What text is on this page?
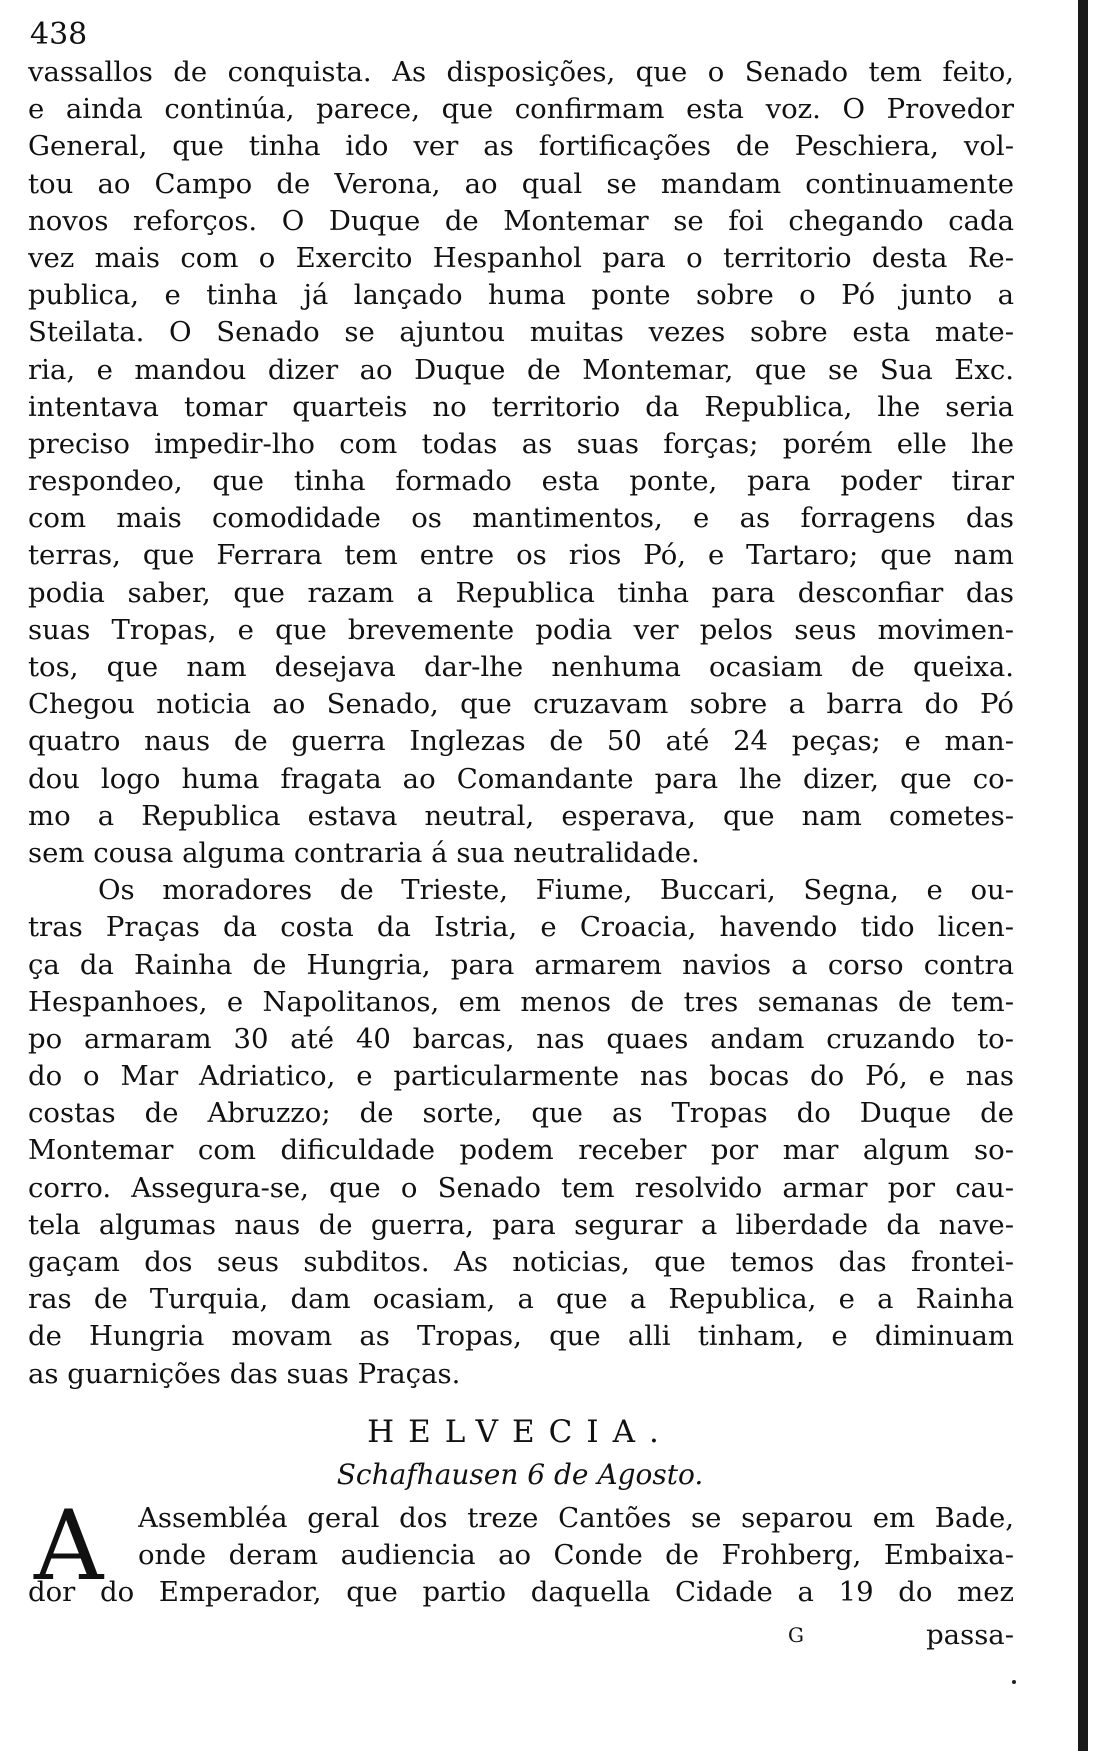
438
vassallos de conquista. As disposições, que o Senado tem feito,
e ainda continúa, parece, que confirmam esta voz. O Provedor
General, que tinha ido ver as fortificações de Peschiera, vol-
tou ao Campo de Verona, ao qual se mandam continuamente
novos reforços. O Duque de Montemar se foi chegando cada
vez mais com o Exercito Hespanhol para o territorio desta Re-
publica, e tinha já lançado huma ponte sobre o Pó junto a
Steilata. O Senado se ajuntou muitas vezes sobre esta mate-
ria, e mandou dizer ao Duque de Montemar, que se Sua Exc.
intentava tomar quarteis no territorio da Republica, lhe seria
preciso impedir-lho com todas as suas forças; porém elle lhe
respondeo, que tinha formado esta ponte, para poder tirar
com mais comodidade os mantimentos, e as forragens das
terras, que Ferrara tem entre os rios Pó, e Tartaro; que nam
podia saber, que razam a Republica tinha para desconfiar das
suas Tropas, e que brevemente podia ver pelos seus movimen-
tos, que nam desejava dar-lhe nenhuma ocasiam de queixa.
Chegou noticia ao Senado, que cruzavam sobre a barra do Pó
quatro naus de guerra Inglezas de 50 até 24 peças; e man-
dou logo huma fragata ao Comandante para lhe dizer, que co-
mo a Republica estava neutral, esperava, que nam cometes-
sem cousa alguma contraria á sua neutralidade.
Os moradores de Trieste, Fiume, Buccari, Segna, e ou-
tras Praças da costa da Istria, e Croacia, havendo tido licen-
ça da Rainha de Hungria, para armarem navios a corso contra
Hespanhoes, e Napolitanos, em menos de tres semanas de tem-
po armaram 30 até 40 barcas, nas quaes andam cruzando to-
do o Mar Adriatico, e particularmente nas bocas do Pó, e nas
costas de Abruzzo; de sorte, que as Tropas do Duque de
Montemar com dificuldade podem receber por mar algum so-
corro. Assegura-se, que o Senado tem resolvido armar por cau-
tela algumas naus de guerra, para segurar a liberdade da nave-
gaçam dos seus subditos. As noticias, que temos das frontei-
ras de Turquia, dam ocasiam, a que a Republica, e a Rainha
de Hungria movam as Tropas, que alli tinham, e diminuam
as guarnições das suas Praças.
HELVECIA.
Schafhausen 6 de Agosto.
A Assembléa geral dos treze Cantões se separou em Bade,
onde deram audiencia ao Conde de Frohberg, Embaixa-
dor do Emperador, que partio daquella Cidade a 19 do mez
G	passa-
